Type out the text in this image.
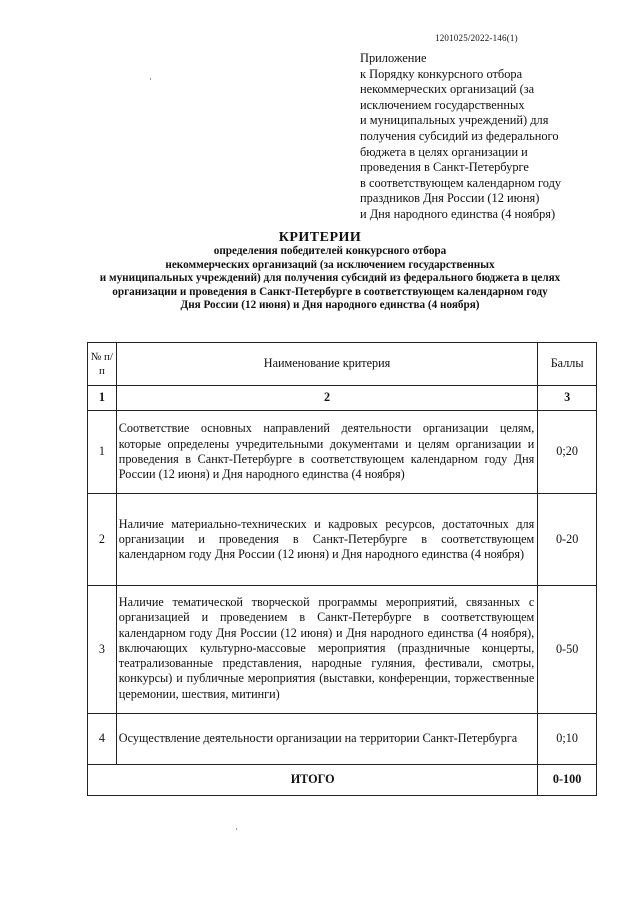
1201025/2022-146(1)
Приложение
к Порядку конкурсного отбора
некоммерческих организаций (за
исключением государственных
и муниципальных учреждений) для
получения субсидий из федерального
бюджета в целях организации и
проведения в Санкт-Петербурге
в соответствующем календарном году
праздников Дня России (12 июня)
и Дня народного единства (4 ноября)
КРИТЕРИИ
определения победителей конкурсного отбора
некоммерческих организаций (за исключением государственных
и муниципальных учреждений) для получения субсидий из федерального бюджета в целях
организации и проведения в Санкт-Петербурге в соответствующем календарном году
Дня России (12 июня) и Дня народного единства (4 ноября)
№ п/п	Наименование критерия	Баллы
1	2	3
1	Соответствие основных направлений деятельности организации целям, которые определены учредительными документами и целям организации и проведения в Санкт-Петербурге в соответствующем календарном году Дня России (12 июня) и Дня народного единства (4 ноября)	0;20
2	Наличие материально-технических и кадровых ресурсов, достаточных для организации и проведения в Санкт-Петербурге в соответствующем календарном году Дня России (12 июня) и Дня народного единства (4 ноября)	0-20
3	Наличие тематической творческой программы мероприятий, связанных с организацией и проведением в Санкт-Петербурге в соответствующем календарном году Дня России (12 июня) и Дня народного единства (4 ноября), включающих культурно-массовые мероприятия (праздничные концерты, театрализованные представления, народные гуляния, фестивали, смотры, конкурсы) и публичные мероприятия (выставки, конференции, торжественные церемонии, шествия, митинги)	0-50
4	Осуществление деятельности организации на территории Санкт-Петербурга	0;10
ИТОГО		0-100
